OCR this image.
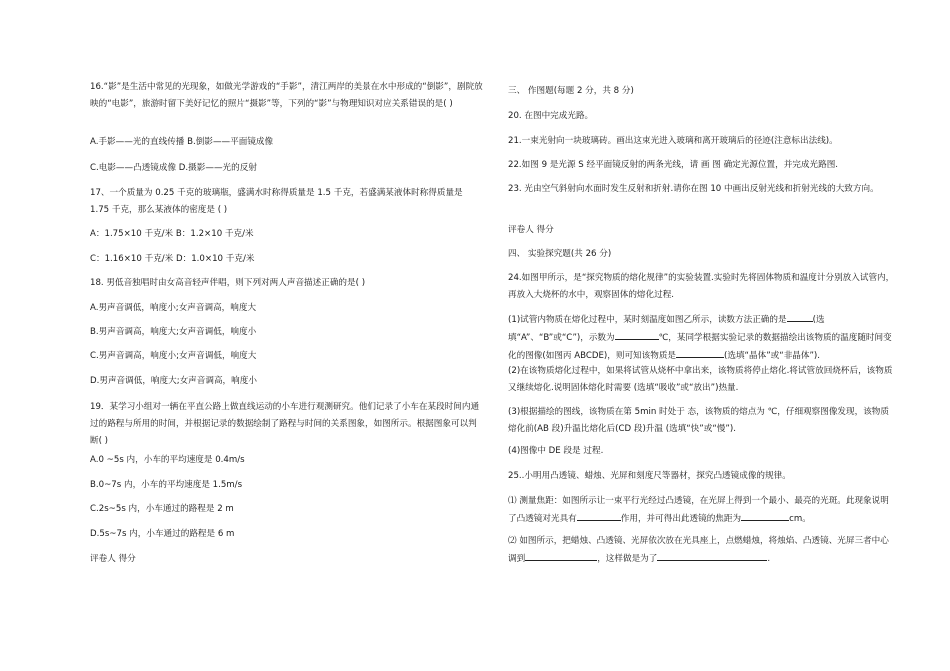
16.“影”是生活中常见的光现象，如做光学游戏的“手影”，清江两岸的美景在水中形成的“倒影”，剧院放映的“电影”，旅游时留下美好记忆的照片“摄影”等，下列的“影”与物理知识对应关系错误的是( )

A.手影——光的直线传播 B.倒影——平面镜成像

C.电影——凸透镜成像 D.摄影——光的反射

17、一个质量为 0.25 千克的玻璃瓶，盛满水时称得质量是 1.5 千克，若盛满某液体时称得质量是 1.75 千克，那么某液体的密度是 ( )

A：1.75×10 千克/米 B：1.2×10 千克/米

C：1.16×10 千克/米 D：1.0×10 千克/米

18. 男低音独唱时由女高音轻声伴唱，则下列对两人声音描述正确的是( )

A.男声音调低，响度小;女声音调高，响度大

B.男声音调高，响度大;女声音调低，响度小

C.男声音调高，响度小;女声音调低，响度大

D.男声音调低，响度大;女声音调高，响度小

19．某学习小组对一辆在平直公路上做直线运动的小车进行观测研究。他们记录了小车在某段时间内通过的路程与所用的时间，并根据记录的数据绘制了路程与时间的关系图象，如图所示。根据图象可以判断( )

A.0 ~5s 内，小车的平均速度是 0.4m/s

B.0~7s 内，小车的平均速度是 1.5m/s

C.2s~5s 内，小车通过的路程是 2 m

D.5s~7s 内，小车通过的路程是 6 m

评卷人 得分

三、 作图题(每题 2 分，共 8 分)

20. 在图中完成光路。

21.一束光射向一块玻璃砖。画出这束光进入玻璃和离开玻璃后的径迹(注意标出法线)。

22.如图 9 是光源 S 经平面镜反射的两条光线，请 画 图 确定光源位置，并完成光路图.

23. 光由空气斜射向水面时发生反射和折射.请你在图 10 中画出反射光线和折射光线的大致方向。

评卷人 得分

四、 实验探究题(共 26 分)

24.如图甲所示，是“探究物质的熔化规律”的实验装置.实验时先将固体物质和温度计分别放入试管内，再放入大烧杯的水中，观察固体的熔化过程.

(1)试管内物质在熔化过程中，某时刻温度如图乙所示，读数方法正确的是	(选填“A”、“B”或“C”)，示数为	℃，某同学根据实验记录的数据描绘出该物质的温度随时间变化的图像(如图丙 ABCDE)，则可知该物质是	(选填“晶体”或“非晶体”).

(2)在该物质熔化过程中，如果将试管从烧杯中拿出来，该物质将停止熔化.将试管放回烧杯后，该物质又继续熔化.说明固体熔化时需要 (选填“吸收”或“放出”)热量.

(3)根据描绘的图线，该物质在第 5min 时处于 态，该物质的熔点为 ℃，仔细观察图像发现，该物质熔化前(AB 段)升温比熔化后(CD 段)升温 (选填“快”或“慢”).

(4)图像中 DE 段是 过程.

25..小明用凸透镜、蜡烛、光屏和刻度尺等器材，探究凸透镜成像的规律。

⑴ 测量焦距：如图所示让一束平行光经过凸透镜，在光屏上得到一个最小、最亮的光斑。此现象说明了凸透镜对光具有	作用，并可得出此透镜的焦距为	cm。

⑵ 如图所示，把蜡烛、凸透镜、光屏依次放在光具座上，点燃蜡烛，将烛焰、凸透镜、光屏三者中心调到	，这样做是为了	.
